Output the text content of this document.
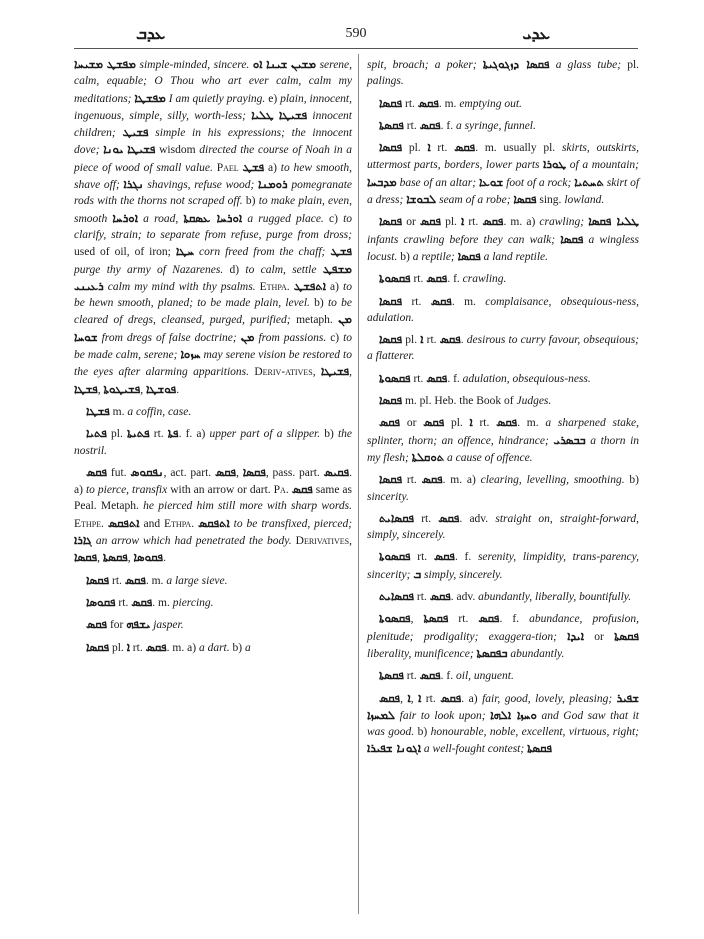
ܥܕܒ	590	ܥܕܝ

ܡܫܝܚܐ ܡܦܫܛ simple-minded, sincere. ܐܘ ܫܝܢܐ ܡܫܝܢ serene, calm, equable; O Thou who art ever calm, calm my meditations; ܡܦܫܛܐ I am quietly praying. e) plain, innocent, ingenuous, simple, silly, worth-less; ܛܠܝܐ ܦܫܝܛܐ innocent children; ܦܫܝܛ simple in his expressions; the innocent dove; ܝܘܢܐ ܦܫܝܛܐ wisdom directed the course of Noah in a piece of wood of small value. Pael ܦܫܛ a) to hew smooth, shave off; ܢܓܪܐ shavings, refuse wood; ܪܘܡܢܐ pomegranate rods with the thorns not scraped off. b) to make plain, even, smooth ܐܘܪܚܐ a road, ܐܘܪܚܐ ܥܣܩܬܐ a rugged place. c) to clarify, strain; to separate from refuse, purge from dross; used of oil, of iron; ܚܛܐ corn freed from the chaff; ܦܫܛ purge thy army of Nazarenes. d) to calm, settle ܡܫܦܛ ܪܥܝܢܝ calm my mind with thy psalms. Ethpa. ܐܬܦܫܛ a) to be hewn smooth, planed; to be made plain, level. b) to be cleared of dregs, cleansed, purged, purified; metaph. ܡܢ ܫܘܚܐ from dregs of false doctrine; ܡܢ from passions. c) to be made calm, serene; ܚܙܘܐ may serene vision be restored to the eyes after alarming apparitions. Deriv-atives, ܦܫܝܛܐ, ܦܫܛܐ, ܦܫܝܛܘܬܐ, ܦܘܫܛܐ.

ܦܫܛܐ m. a coffin, case.

ܦܬܝܐ pl. ܦܬܝܬܐ rt. ܦܬܐ. f. a) upper part of a slipper. b) the nostril.

ܦܩܣ fut. ܢܦܩܘܣ, act. part. ܦܩܣ, ܦܩܣܐ, pass. part. ܦܩܝܣ. a) to pierce, transfix with an arrow or dart. Pa. ܦܩܣ same as Peal. Metaph. he pierced him still more with sharp words. Ethpe. ܐܬܦܩܣ and Ethpa. ܐܬܦܩܣ to be transfixed, pierced; ܓܐܪܐ an arrow which had penetrated the body. Derivatives, ܦܩܣܐ, ܦܩܣܬܐ, ܦܩܘܣܐ.

ܦܩܣܐ rt. ܦܩܣ. m. a large sieve.

ܦܩܘܣܐ rt. ܦܩܣ. m. piercing.

ܦܩܣ for ܝܫܦܗ jasper.

ܦܩܣܐ pl. ܐ rt. ܦܩܣ. m. a) a dart. b) a

spit, broach; a poker; ܦܩܣܐ ܕܙܓܘܓܝܬܐ a glass tube; pl. palings.

ܦܩܣܐ rt. ܦܩܣ. m. emptying out.

ܦܩܣܬܐ rt. ܦܩܣ. f. a syringe, funnel.

ܦܩܣܐ pl. ܐ rt. ܦܩܣ. m. usually pl. skirts, outskirts, uttermost parts, borders, lower parts ܛܘܪܐ of a mountain; ܡܕܒܚܐ base of an altar; ܫܘܥܐ foot of a rock; ܬܚܬܝܐ skirt of a dress; ܠܒܘܫܐ seam of a robe; ܦܩܣܐ sing. lowland.

ܦܩܣܐ or ܦܩܣ pl. ܐ rt. ܦܩܣ. m. a) crawling; ܛܠܝܐ ܦܩܣܐ infants crawling before they can walk; ܦܩܣܐ a wingless locust. b) a reptile; ܦܩܣܐ a land reptile.

ܦܩܣܘܬܐ rt. ܦܩܣ. f. crawling.

ܦܩܣܐ rt. ܦܩܣ. m. complaisance, obsequious-ness, adulation.

ܦܩܣܐ pl. ܐ rt. ܦܩܣ. desirous to curry favour, obsequious; a flatterer.

ܦܩܣܘܬܐ rt. ܦܩܣ. f. adulation, obsequious-ness.

ܦܩܣܐ m. pl. Heb. the Book of Judges.

ܦܩܣ or ܦܩܣ pl. ܐ rt. ܦܩܣ. m. a sharpened stake, splinter, thorn; an offence, hindrance; ܒܒܣܪܝ a thorn in my flesh; ܬܘܩܠܬܐ a cause of offence.

ܦܩܣܐ rt. ܦܩܣ. m. a) clearing, levelling, smoothing. b) sincerity.

ܦܩܣܐܝܬ rt. ܦܩܣ. adv. straight on, straight-forward, simply, sincerely.

ܦܩܣܘܬܐ rt. ܦܩܣ. f. serenity, limpidity, trans-parency, sincerity; ܒ simply, sincerely.

ܦܩܣܐܝܬ rt. ܦܩܣ. adv. abundantly, liberally, bountifully.

ܦܩܣܘܬܐ, ܦܩܣܬܐ rt. ܦܩܣ. f. abundance, profusion, plenitude; prodigality; exaggera-tion; ܐܝܕܐ or ܦܩܣܬܐ liberality, munificence; ܒܦܩܣܬܐ abundantly.

ܦܩܣܬܐ rt. ܦܩܣ. f. oil, unguent.

ܦܩܣ, ܐ, ܐ rt. ܦܩܣ. a) fair, good, lovely, pleasing; ܫܦܝܪ ܠܡܚܙܐ fair to look upon; ܘܚܙܐ ܐܠܗܐ and God saw that it was good. b) honourable, noble, excellent, virtuous, right; ܐܓܘܢܐ ܫܦܝܪܐ a well-fought contest; ܦܩܣܬܐ
